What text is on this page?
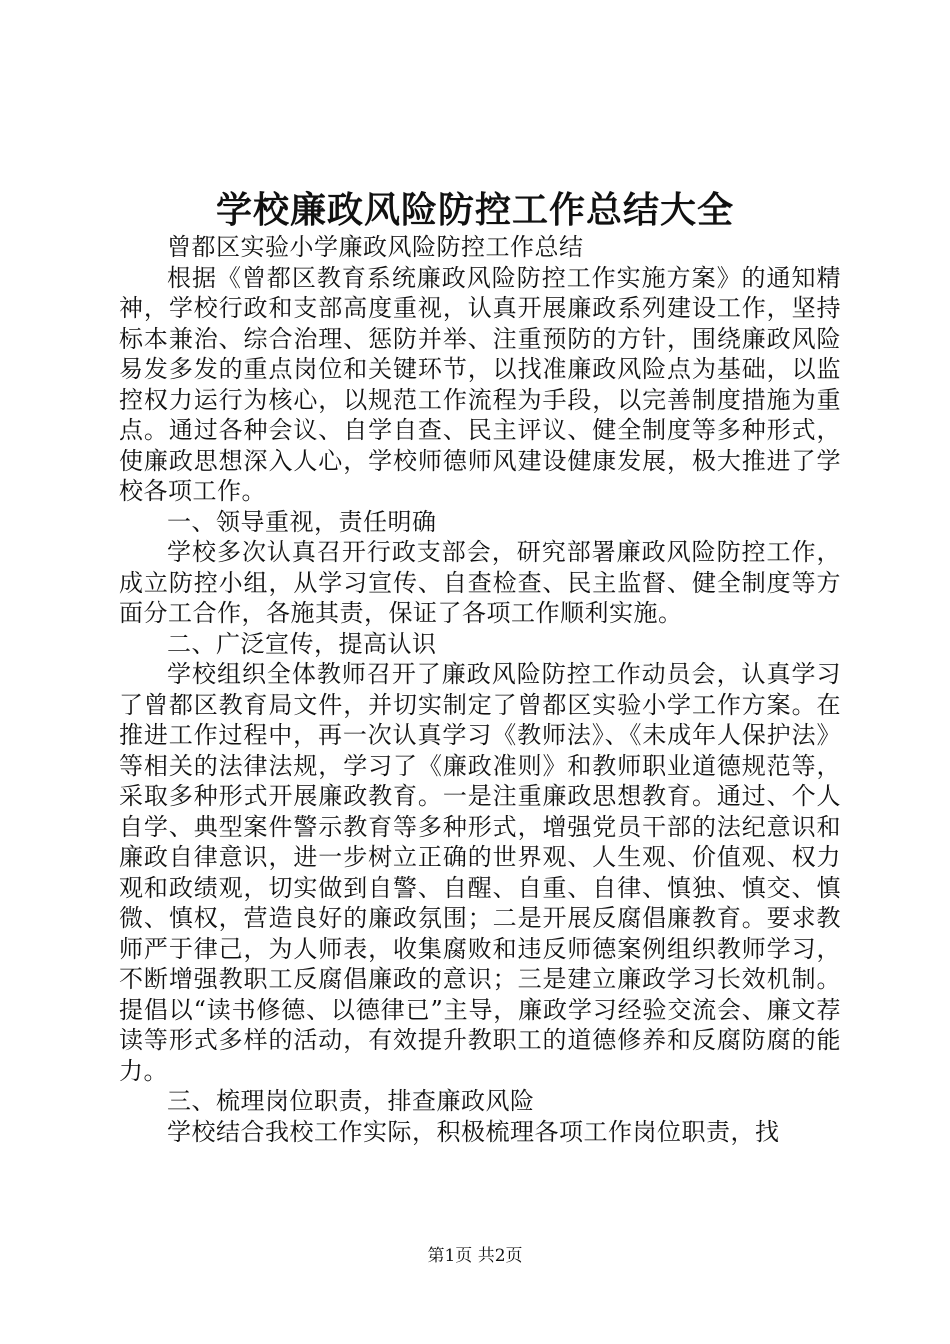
学校廉政风险防控工作总结大全

曾都区实验小学廉政风险防控工作总结

根据《曾都区教育系统廉政风险防控工作实施方案》的通知精神，学校行政和支部高度重视，认真开展廉政系列建设工作，坚持标本兼治、综合治理、惩防并举、注重预防的方针，围绕廉政风险易发多发的重点岗位和关键环节，以找准廉政风险点为基础，以监控权力运行为核心，以规范工作流程为手段，以完善制度措施为重点。通过各种会议、自学自查、民主评议、健全制度等多种形式，使廉政思想深入人心，学校师德师风建设健康发展，极大推进了学校各项工作。

一、领导重视，责任明确

学校多次认真召开行政支部会，研究部署廉政风险防控工作，成立防控小组，从学习宣传、自查检查、民主监督、健全制度等方面分工合作，各施其责，保证了各项工作顺利实施。

二、广泛宣传，提高认识

学校组织全体教师召开了廉政风险防控工作动员会，认真学习了曾都区教育局文件，并切实制定了曾都区实验小学工作方案。在推进工作过程中，再一次认真学习《教师法》、《未成年人保护法》等相关的法律法规，学习了《廉政准则》和教师职业道德规范等，采取多种形式开展廉政教育。一是注重廉政思想教育。通过、个人自学、典型案件警示教育等多种形式，增强党员干部的法纪意识和廉政自律意识，进一步树立正确的世界观、人生观、价值观、权力观和政绩观，切实做到自警、自醒、自重、自律、慎独、慎交、慎微、慎权，营造良好的廉政氛围；二是开展反腐倡廉教育。要求教师严于律己，为人师表，收集腐败和违反师德案例组织教师学习，不断增强教职工反腐倡廉政的意识；三是建立廉政学习长效机制。提倡以“读书修德、以德律已”主导，廉政学习经验交流会、廉文荐读等形式多样的活动，有效提升教职工的道德修养和反腐防腐的能力。

三、梳理岗位职责，排查廉政风险

学校结合我校工作实际，积极梳理各项工作岗位职责，找

第1页 共2页
